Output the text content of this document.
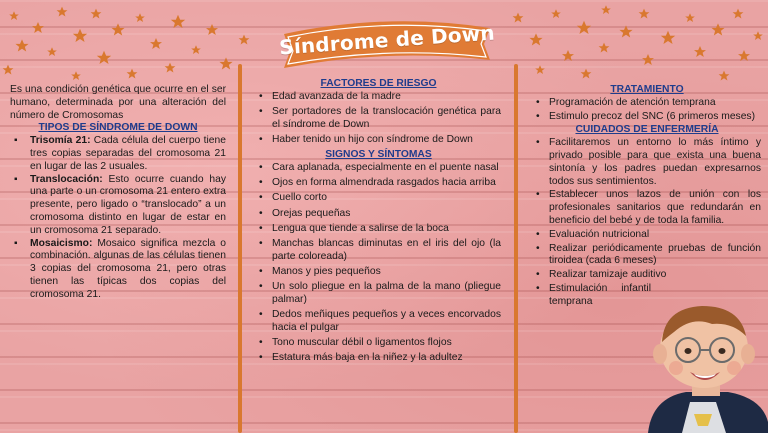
Síndrome de Down

Es una condición genética que ocurre en el ser humano, determinada por una alteración del número de Cromosomas

TIPOS DE SÍNDROME DE DOWN
▪ Trisomía 21: Cada célula del cuerpo tiene tres copias separadas del cromosoma 21 en lugar de las 2 usuales.
▪ Translocación: Esto ocurre cuando hay una parte o un cromosoma 21 entero extra presente, pero ligado o “translocado” a un cromosoma distinto en lugar de estar en un cromosoma 21 separado.
▪ Mosaicismo: Mosaico significa mezcla o combinación. algunas de las células tienen 3 copias del cromosoma 21, pero otras tienen las típicas dos copias del cromosoma 21.
FACTORES DE RIESGO
• Edad avanzada de la madre
• Ser portadores de la translocación genética para el síndrome de Down
• Haber tenido un hijo con síndrome de Down
SIGNOS Y SÍNTOMAS
• Cara aplanada, especialmente en el puente nasal
• Ojos en forma almendrada rasgados hacia arriba
• Cuello corto
• Orejas pequeñas
• Lengua que tiende a salirse de la boca
• Manchas blancas diminutas en el iris del ojo (la parte coloreada)
• Manos y pies pequeños
• Un solo pliegue en la palma de la mano (pliegue palmar)
• Dedos meñiques pequeños y a veces encorvados hacia el pulgar
• Tono muscular débil o ligamentos flojos
• Estatura más baja en la niñez y la adultez
TRATAMIENTO
• Programación de atención temprana
• Estimulo precoz del SNC (6 primeros meses)
CUIDADOS DE ENFERMERÍA
• Facilitaremos un entorno lo más íntimo y privado posible para que exista una buena sintonía y los padres puedan expresarnos todos sus sentimientos.
• Establecer unos lazos de unión con los profesionales sanitarios que redundarán en beneficio del bebé y de toda la familia.
• Evaluación nutricional
• Realizar periódicamente pruebas de función tiroidea (cada 6 meses)
• Realizar tamizaje auditivo
• Estimulación infantil temprana
